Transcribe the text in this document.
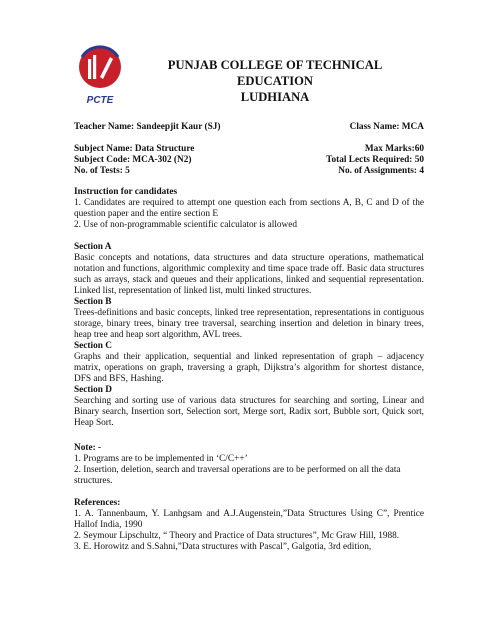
PCTE
PUNJAB COLLEGE OF TECHNICAL EDUCATION
LUDHIANA
Teacher Name: Sandeepjit Kaur (SJ)	Class Name: MCA
Subject Name: Data Structure	Max Marks:60
Subject Code: MCA-302 (N2)	Total Lects Required: 50
No. of Tests: 5	No. of Assignments: 4
Instruction for candidates

1. Candidates are required to attempt one question each from sections A, B, C and D of the question paper and the entire section E

2. Use of non-programmable scientific calculator is allowed

Section A

Basic concepts and notations, data structures and data structure operations, mathematical notation and functions, algorithmic complexity and time space trade off. Basic data structures such as arrays, stack and queues and their applications, linked and sequential representation. Linked list, representation of linked list, multi linked structures.

Section B

Trees-definitions and basic concepts, linked tree representation, representations in contiguous storage, binary trees, binary tree traversal, searching insertion and deletion in binary trees, heap tree and heap sort algorithm, AVL trees.

Section C

Graphs and their application, sequential and linked representation of graph – adjacency matrix, operations on graph, traversing a graph, Dijkstra’s algorithm for shortest distance, DFS and BFS, Hashing.

Section D

Searching and sorting use of various data structures for searching and sorting, Linear and Binary search, Insertion sort, Selection sort, Merge sort, Radix sort, Bubble sort, Quick sort, Heap Sort.

Note: -

1. Programs are to be implemented in ‘C/C++’

2. Insertion, deletion, search and traversal operations are to be performed on all the data structures.

References:

1. A. Tannenbaum, Y. Lanhgsam and A.J.Augenstein,”Data Structures Using C”, Prentice Hallof India, 1990

2. Seymour Lipschultz, “ Theory and Practice of Data structures”, Mc Graw Hill, 1988.

3. E. Horowitz and S.Sahni,”Data structures with Pascal”, Galgotia, 3rd edition,
